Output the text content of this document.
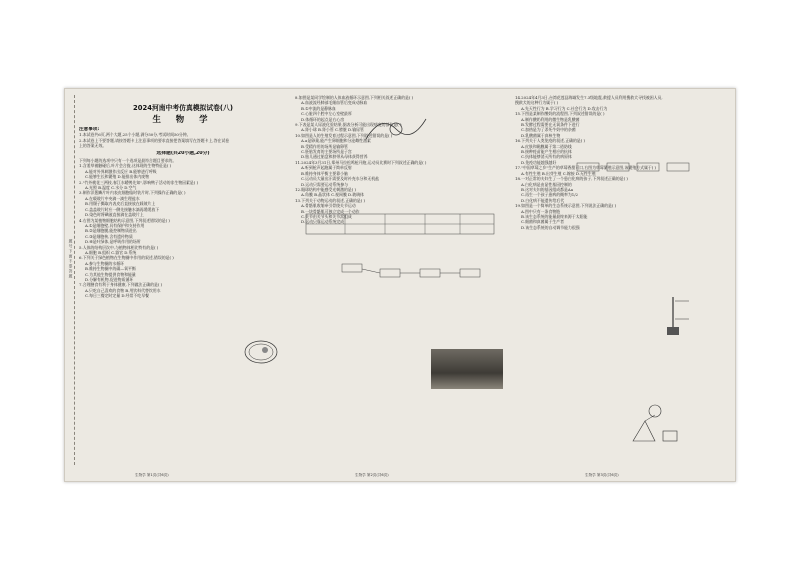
题 号 下 面 不 要 答 题
2024河南中考仿真模拟试卷(八)
生 物 学
注意事项:
1.本试卷共6页,两个大题,25个小题,满分50分,考试时间50分钟。
2.本试卷上不要答题,请按答题卡上注意事项的要求直接把答案填写在答题卡上,答在试卷
上的答案无效。
选择题(共20小题,20分)
下列每小题的选项中只有一个选项是最符合题目要求的。
1.含羞草被触碰后,叶片会合拢,这体现的生物特征是( )
A.能对外界刺激作出反应 B.能够进行呼吸
C.能够生长和繁殖 D.能排出体内废物
2."竹外桃花三两枝,春江水暖鸭先知",影响鸭子活动的非生物因素是( )
A.光照 B.温度 C.水分 D.空气
3.制作洋葱鳞片叶内表皮细胞临时装片时,下列操作正确的是( )
A.在载玻片中央滴一滴生理盐水
B.用镊子撕取内表皮后直接放在载玻片上
C.盖盖玻片时应一侧先接触水滴再缓缓放下
D.染色时将碘液直接滴在盖玻片上
4.右图为某植物细胞结构示意图,下列叙述错误的是( )
A.①是细胞壁,具有保护和支持作用
B.②是细胞膜,能控制物质进出
C.③是细胞核,含有遗传物质
D.④是叶绿体,是呼吸作用的场所
5.人体的结构层次中,与植物体相比特有的是( )
A.细胞 B.组织 C.器官 D.系统
6.下列关于绿色植物在生物圈中作用的叙述,错误的是( )
A.参与生物圈的水循环
B.维持生物圈中的碳—氧平衡
C.为其他生物提供食物和能量
D.分解有机物,促进物质循环
7.合理膳食有利于身体健康,下列做法正确的是( )
A.只吃自己喜欢的食物 B.用饮料代替饮用水
C.每日三餐定时定量 D.经常不吃早餐
8.如图是某同学绘制的人体血液循环示意图,下列相关叙述正确的是( )
A.血液流经肺部毛细血管后变成动脉血
B.①中流的是静脉血
C.心脏四个腔中左心室壁最厚
D.体循环的起点是右心房
9.下表是某人尿液化验结果,据表分析可能出现病变的部位是( )
A.肾小球 B.肾小管 C.膀胱 D.输尿管
10.如图是人的生殖发育过程示意图,下列叙述错误的是( )
A.a是卵巢,能产生卵细胞和分泌雌性激素
B.受精作用的场所是输卵管
C.胚胎发育的主要场所是子宫
D.胎儿通过胎盘和脐带从母体获得营养
11.2024年3月31日,郑州马拉松鸣枪开跑,运动员比赛时下列叙述正确的是( )
A.听到枪声起跑属于简单反射
B.维持身体平衡主要靠小脑
C.运动员大量出汗需要及时补充水分和无机盐
D.运动只需要运动系统参与
12.眼球结构中能感受光刺激的是( )
A.角膜 B.晶状体 C.视网膜 D.玻璃体
13.下列关于动物运动的叙述,正确的是( )
A.骨骼肌收缩牵引骨绕关节运动
B.一块骨骼肌可独立完成一个动作
C.关节由关节头和关节窝组成
D.运动只靠运动系统完成
14.2024年4月3日,台湾花莲县海域发生7.3级地震,救援人员利用搜救犬寻找被困人员,
搜救犬的这种行为属于( )
A.先天性行为 B.学习行为 C.社会行为 D.攻击行为
15.下图是某制作酸奶的流程图,下列叙述错误的是( )
A.制作酸奶利用的微生物是乳酸菌
B.发酵过程需要在无氧条件下进行
C.加热是为了杀死牛奶中的杂菌
D.乳酸菌属于真核生物
16.下列关于人类免疫的叙述,正确的是( )
A.皮肤和黏膜属于第二道防线
B.接种疫苗能产生相应的抗体
C.抗体能够消灭所有的病原体
D.免疫功能越强越好
17."中国草莓之乡"生产的草莓香甜可口,右图为草莓繁殖示意图,该繁殖方式属于( )
A.有性生殖 B.出芽生殖 C.嫁接 D.无性生殖
18.一对正常的夫妇生了一个患白化病的孩子,下列叙述正确的是( )
A.白化病是由显性基因控制的
B.这对夫妇的基因组成都是Aa
C.再生一个孩子患病的概率为1/2
D.白化病不能遗传给后代
19.如图是一个简单的生态系统示意图,下列说法正确的是( )
A.图中只有一条食物链
B.该生态系统的能量最终来源于太阳能
C.细菌和真菌属于生产者
D.该生态系统的自动调节能力很强
生物学 第1页(共6页)	生物学 第2页(共6页)	生物学 第3页(共6页)
